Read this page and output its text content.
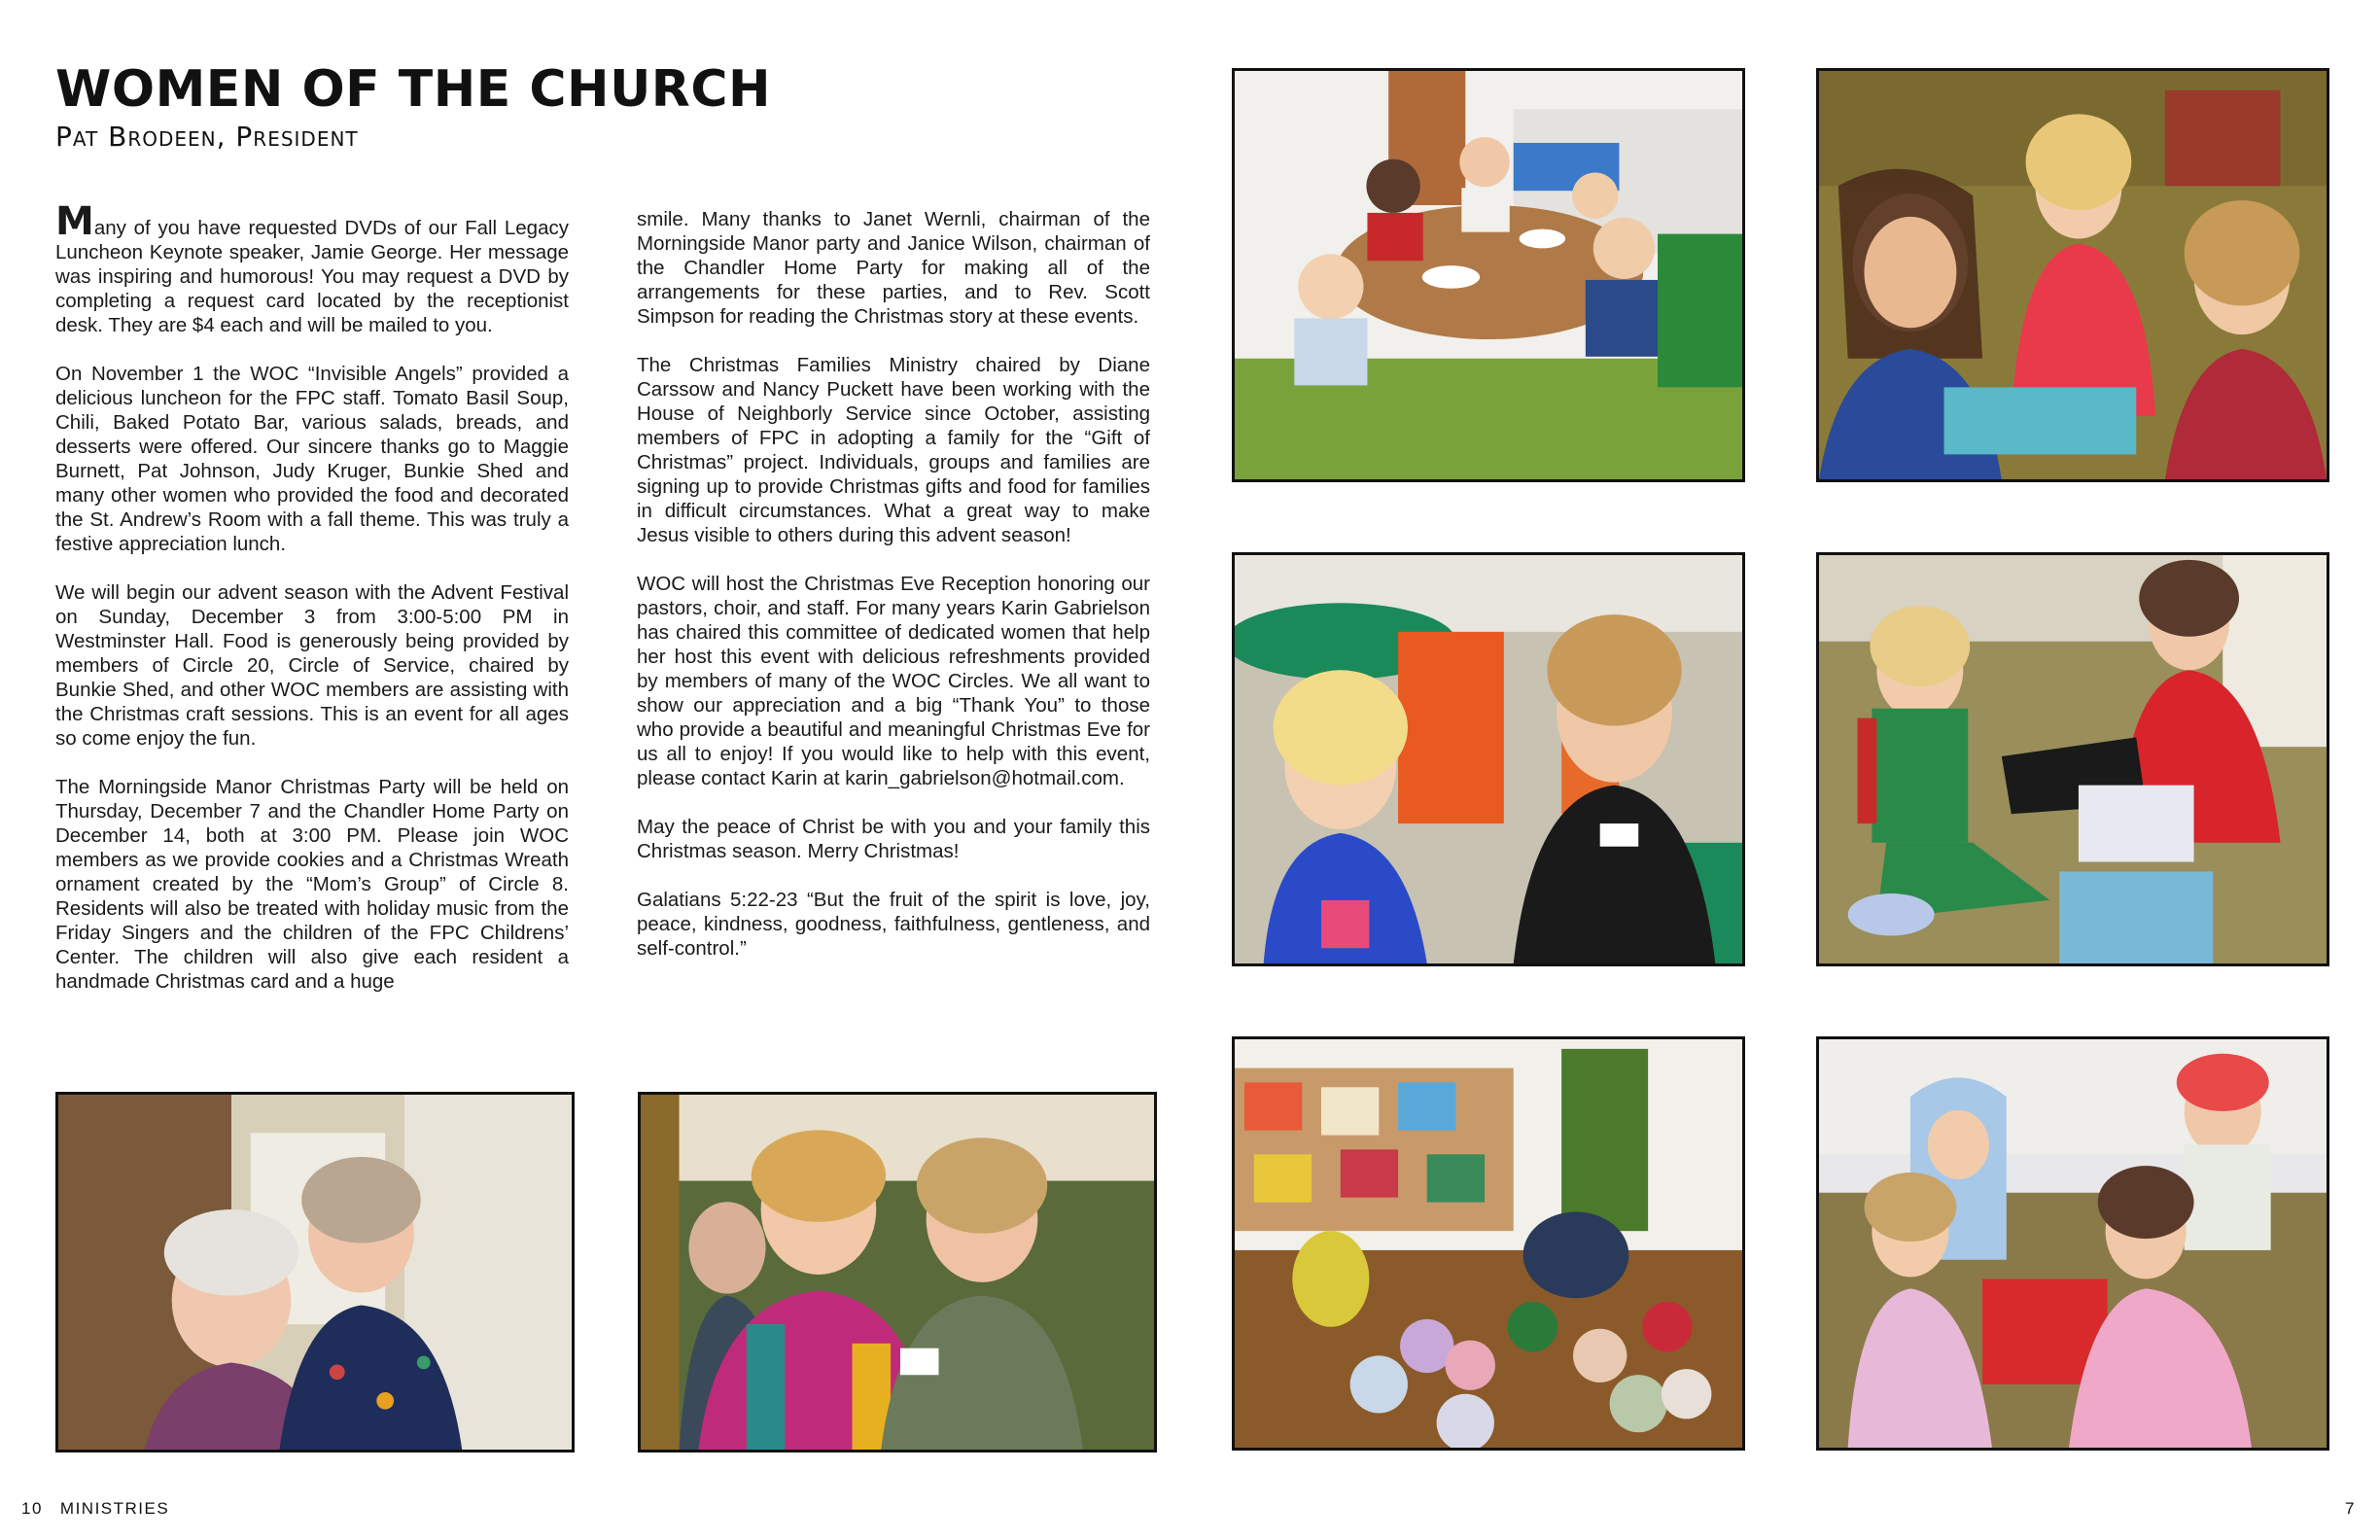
WOMEN OF THE CHURCH
Pat Brodeen, President

Many of you have requested DVDs of our Fall Legacy Luncheon Keynote speaker, Jamie George. Her message was inspiring and humorous! You may request a DVD by completing a request card located by the receptionist desk. They are $4 each and will be mailed to you.

On November 1 the WOC “Invisible Angels” provided a delicious luncheon for the FPC staff. Tomato Basil Soup, Chili, Baked Potato Bar, various salads, breads, and desserts were offered. Our sincere thanks go to Maggie Burnett, Pat Johnson, Judy Kruger, Bunkie Shed and many other women who provided the food and decorated the St. Andrew’s Room with a fall theme. This was truly a festive appreciation lunch.

We will begin our advent season with the Advent Festival on Sunday, December 3 from 3:00-5:00 PM in Westminster Hall. Food is generously being provided by members of Circle 20, Circle of Service, chaired by Bunkie Shed, and other WOC members are assisting with the Christmas craft sessions. This is an event for all ages so come enjoy the fun.

The Morningside Manor Christmas Party will be held on Thursday, December 7 and the Chandler Home Party on December 14, both at 3:00 PM. Please join WOC members as we provide cookies and a Christmas Wreath ornament created by the “Mom’s Group” of Circle 8. Residents will also be treated with holiday music from the Friday Singers and the children of the FPC Childrens’ Center. The children will also give each resident a handmade Christmas card and a huge

smile. Many thanks to Janet Wernli, chairman of the Morningside Manor party and Janice Wilson, chairman of the Chandler Home Party for making all of the arrangements for these parties, and to Rev. Scott Simpson for reading the Christmas story at these events.

The Christmas Families Ministry chaired by Diane Carssow and Nancy Puckett have been working with the House of Neighborly Service since October, assisting members of FPC in adopting a family for the “Gift of Christmas” project. Individuals, groups and families are signing up to provide Christmas gifts and food for families in difficult circumstances. What a great way to make Jesus visible to others during this advent season!

WOC will host the Christmas Eve Reception honoring our pastors, choir, and staff. For many years Karin Gabrielson has chaired this committee of dedicated women that help her host this event with delicious refreshments provided by members of many of the WOC Circles. We all want to show our appreciation and a big “Thank You” to those who provide a beautiful and meaningful Christmas Eve for us all to enjoy! If you would like to help with this event, please contact Karin at karin_gabrielson@hotmail.com.

May the peace of Christ be with you and your family this Christmas season. Merry Christmas!

Galatians 5:22-23 “But the fruit of the spirit is love, joy, peace, kindness, goodness, faithfulness, gentleness, and self-control.”

10 MINISTRIES	7
